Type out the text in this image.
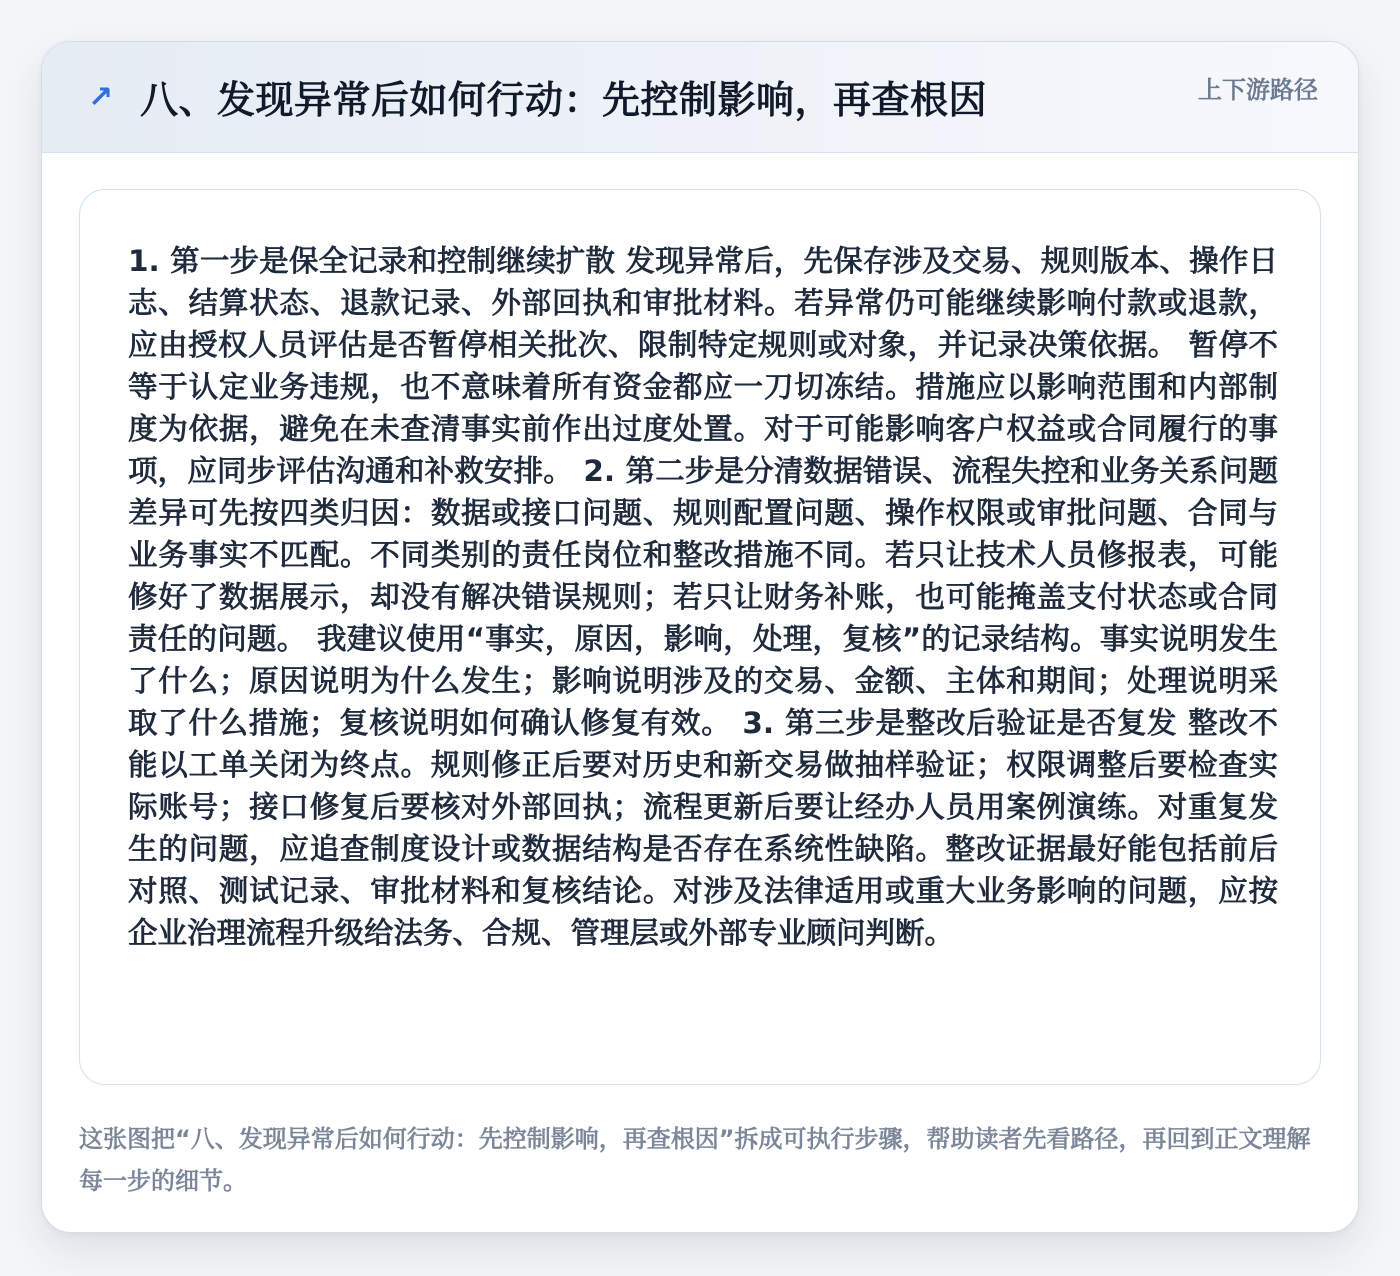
↗ 八、发现异常后如何行动：先控制影响，再查根因	上下游路径

1. 第一步是保全记录和控制继续扩散 发现异常后，先保存涉及交易、规则版本、操作日志、结算状态、退款记录、外部回执和审批材料。若异常仍可能继续影响付款或退款，应由授权人员评估是否暂停相关批次、限制特定规则或对象，并记录决策依据。 暂停不等于认定业务违规，也不意味着所有资金都应一刀切冻结。措施应以影响范围和内部制度为依据，避免在未查清事实前作出过度处置。对于可能影响客户权益或合同履行的事项，应同步评估沟通和补救安排。 2. 第二步是分清数据错误、流程失控和业务关系问题 差异可先按四类归因：数据或接口问题、规则配置问题、操作权限或审批问题、合同与业务事实不匹配。不同类别的责任岗位和整改措施不同。若只让技术人员修报表，可能修好了数据展示，却没有解决错误规则；若只让财务补账，也可能掩盖支付状态或合同责任的问题。 我建议使用“事实，原因，影响，处理，复核”的记录结构。事实说明发生了什么；原因说明为什么发生；影响说明涉及的交易、金额、主体和期间；处理说明采取了什么措施；复核说明如何确认修复有效。 3. 第三步是整改后验证是否复发 整改不能以工单关闭为终点。规则修正后要对历史和新交易做抽样验证；权限调整后要检查实际账号；接口修复后要核对外部回执；流程更新后要让经办人员用案例演练。对重复发生的问题，应追查制度设计或数据结构是否存在系统性缺陷。整改证据最好能包括前后对照、测试记录、审批材料和复核结论。对涉及法律适用或重大业务影响的问题，应按企业治理流程升级给法务、合规、管理层或外部专业顾问判断。

这张图把“八、发现异常后如何行动：先控制影响，再查根因”拆成可执行步骤，帮助读者先看路径，再回到正文理解每一步的细节。
